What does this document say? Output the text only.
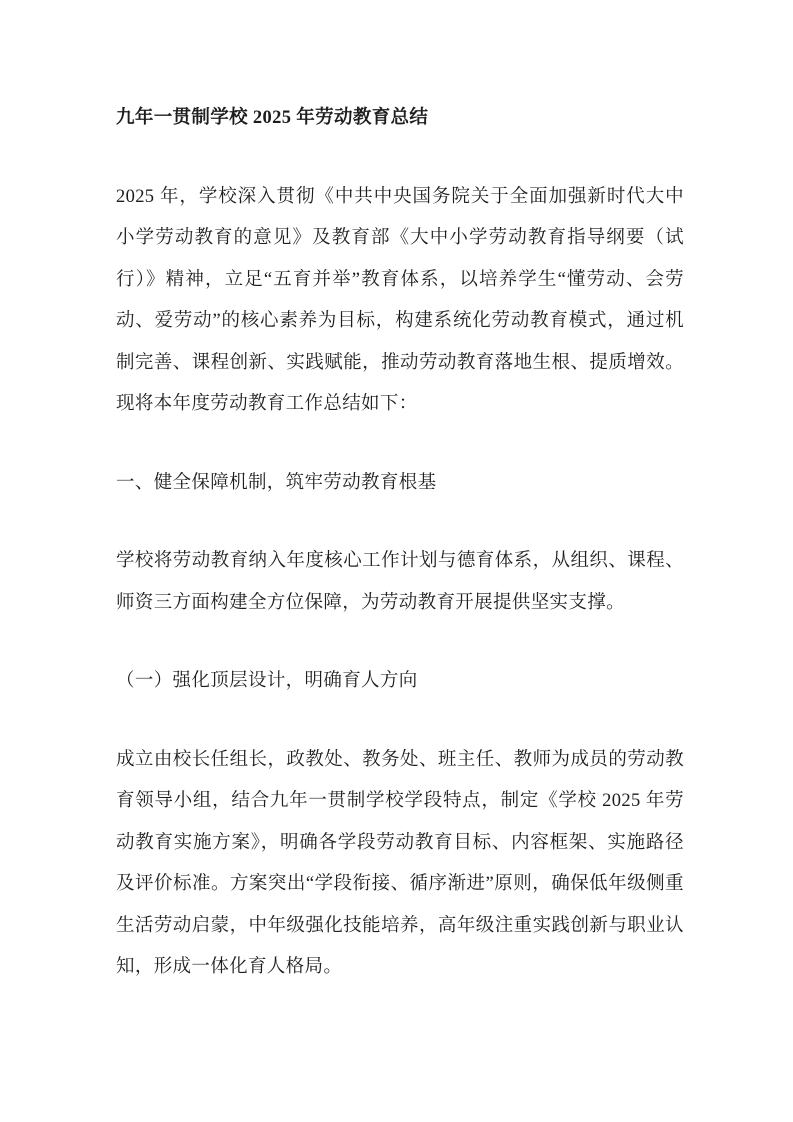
九年一贯制学校 2025 年劳动教育总结

2025 年，学校深入贯彻《中共中央国务院关于全面加强新时代大中小学劳动教育的意见》及教育部《大中小学劳动教育指导纲要（试行）》精神，立足“五育并举”教育体系，以培养学生“懂劳动、会劳动、爱劳动”的核心素养为目标，构建系统化劳动教育模式，通过机制完善、课程创新、实践赋能，推动劳动教育落地生根、提质增效。现将本年度劳动教育工作总结如下：

一、健全保障机制，筑牢劳动教育根基

学校将劳动教育纳入年度核心工作计划与德育体系，从组织、课程、师资三方面构建全方位保障，为劳动教育开展提供坚实支撑。

（一）强化顶层设计，明确育人方向

成立由校长任组长，政教处、教务处、班主任、教师为成员的劳动教育领导小组，结合九年一贯制学校学段特点，制定《学校 2025 年劳动教育实施方案》，明确各学段劳动教育目标、内容框架、实施路径及评价标准。方案突出“学段衔接、循序渐进”原则，确保低年级侧重生活劳动启蒙，中年级强化技能培养，高年级注重实践创新与职业认知，形成一体化育人格局。
